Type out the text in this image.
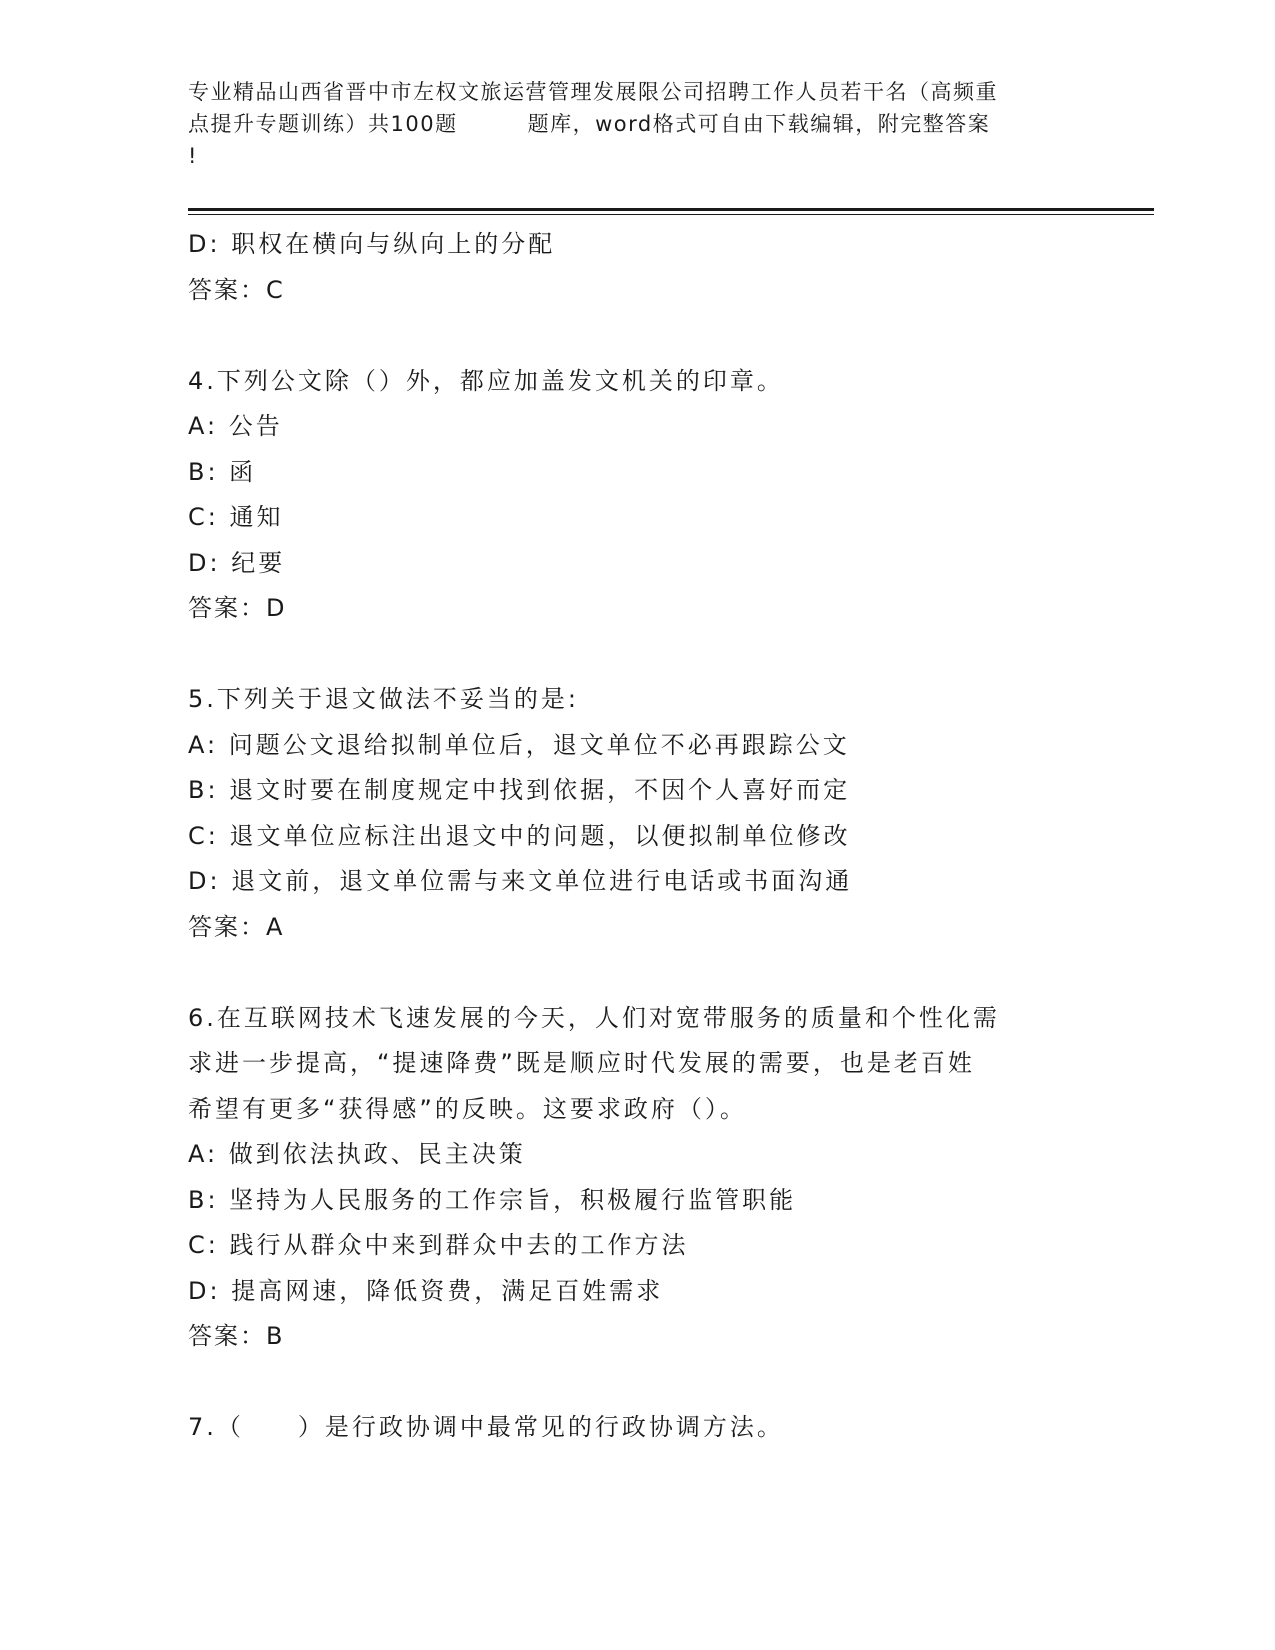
专业精品山西省晋中市左权文旅运营管理发展限公司招聘工作人员若干名（高频重
点提升专题训练）共100题	题库，word格式可自由下载编辑，附完整答案
!
D: 职权在横向与纵向上的分配
答案：C
4.下列公文除（）外，都应加盖发文机关的印章。
A: 公告
B: 函
C: 通知
D: 纪要
答案：D
5.下列关于退文做法不妥当的是:
A: 问题公文退给拟制单位后，退文单位不必再跟踪公文
B: 退文时要在制度规定中找到依据，不因个人喜好而定
C: 退文单位应标注出退文中的问题，以便拟制单位修改
D: 退文前，退文单位需与来文单位进行电话或书面沟通
答案：A
6.在互联网技术飞速发展的今天，人们对宽带服务的质量和个性化需
求进一步提高，“提速降费”既是顺应时代发展的需要，也是老百姓
希望有更多“获得感”的反映。这要求政府（）。
A: 做到依法执政、民主决策
B: 坚持为人民服务的工作宗旨，积极履行监管职能
C: 践行从群众中来到群众中去的工作方法
D: 提高网速，降低资费，满足百姓需求
答案：B
7.（　　）是行政协调中最常见的行政协调方法。
